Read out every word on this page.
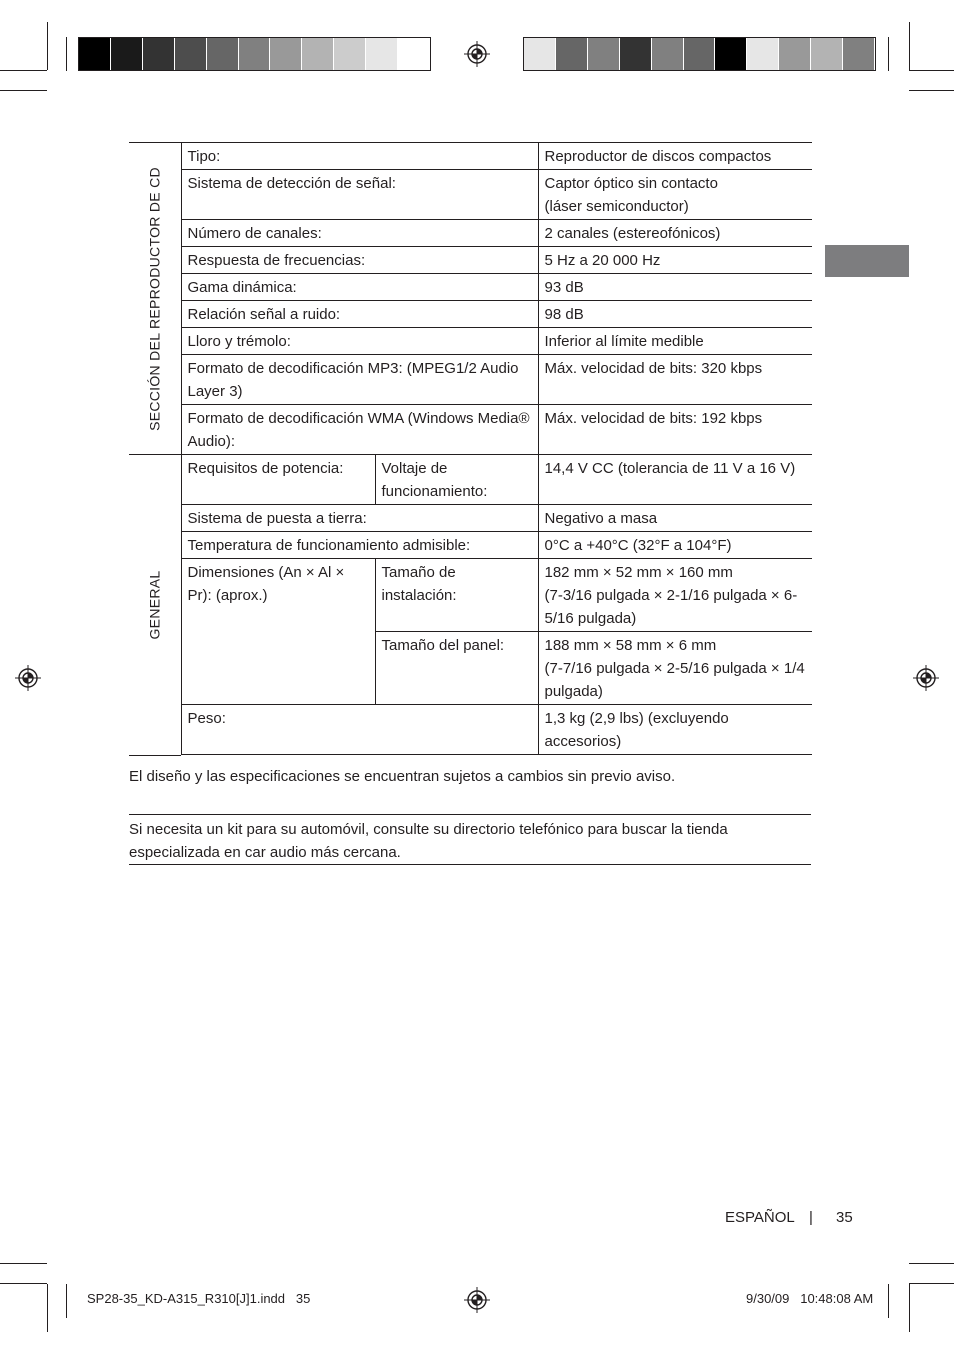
SECCIÓN DEL REPRODUCTOR DE CD	Tipo:		Reproductor de discos compactos
	Sistema de detección de señal:		Captor óptico sin contacto
(láser semiconductor)
	Número de canales:		2 canales (estereofónicos)
	Respuesta de frecuencias:		5 Hz a 20 000 Hz
	Gama dinámica:		93 dB
	Relación señal a ruido:		98 dB
	Lloro y trémolo:		Inferior al límite medible
	Formato de decodificación MP3: (MPEG1/2 Audio Layer 3)		Máx. velocidad de bits: 320 kbps
	Formato de decodificación WMA (Windows Media® Audio):		Máx. velocidad de bits: 192 kbps

GENERAL	Requisitos de potencia:	Voltaje de funcionamiento:	14,4 V CC (tolerancia de 11 V a 16 V)
	Sistema de puesta a tierra:		Negativo a masa
	Temperatura de funcionamiento admisible:		0°C a +40°C (32°F a 104°F)
	Dimensiones (An × Al × Pr): (aprox.)	Tamaño de instalación:	182 mm × 52 mm × 160 mm
(7-3/16 pulgada × 2-1/16 pulgada × 6-5/16 pulgada)
		Tamaño del panel:	188 mm × 58 mm × 6 mm
(7-7/16 pulgada × 2-5/16 pulgada × 1/4 pulgada)
	Peso:		1,3 kg (2,9 lbs) (excluyendo accesorios)

El diseño y las especificaciones se encuentran sujetos a cambios sin previo aviso.
Si necesita un kit para su automóvil, consulte su directorio telefónico para buscar la tienda especializada en car audio más cercana.
ESPAÑOL | 35
SP28-35_KD-A315_R310[J]1.indd   35	9/30/09   10:48:08 AM
